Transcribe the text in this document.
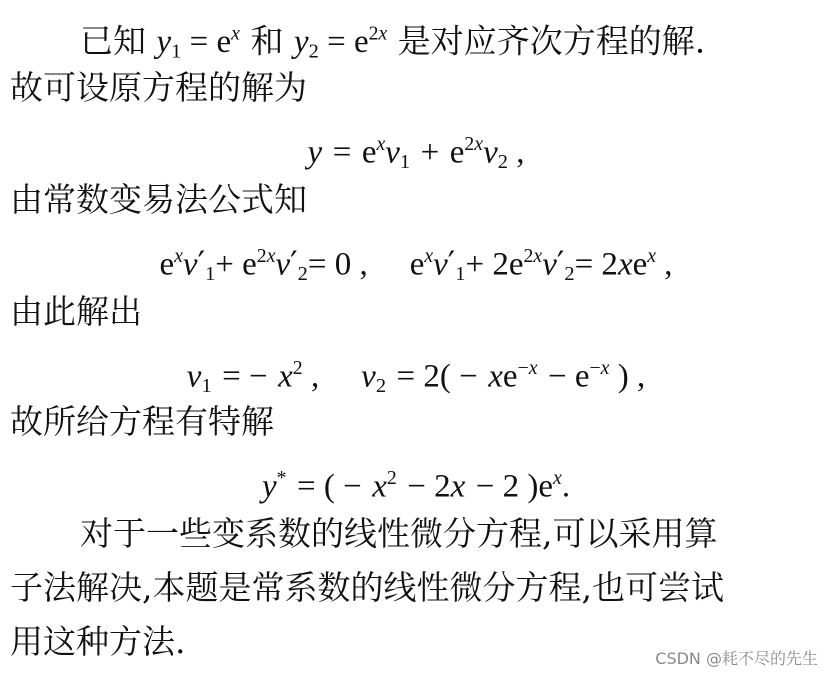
已知 $y_1 = e^x$ 和 $y_2 = e^{2x}$ 是对应齐次方程的解.
故可设原方程的解为
$y = e^xv_1 + e^{2x}v_2$ ,
由常数变易法公式知
$e^xv'_1+ e^{2x}v'_2= 0$ , $e^xv'_1+ 2e^{2x}v'_2= 2xe^x$ ,
由此解出
$v_1$ = − $x^2$ , $v_2 = 2( - xe^{-x} - e^{-x}$ ) ,
故所给方程有特解
y* = ( − $x^2 - 2x - 2$ )$e^x$.
对于一些变系数的线性微分方程,可以采用算
子法解决,本题是常系数的线性微分方程,也可尝试
用这种方法.	CSDN @耗不尽的先生
